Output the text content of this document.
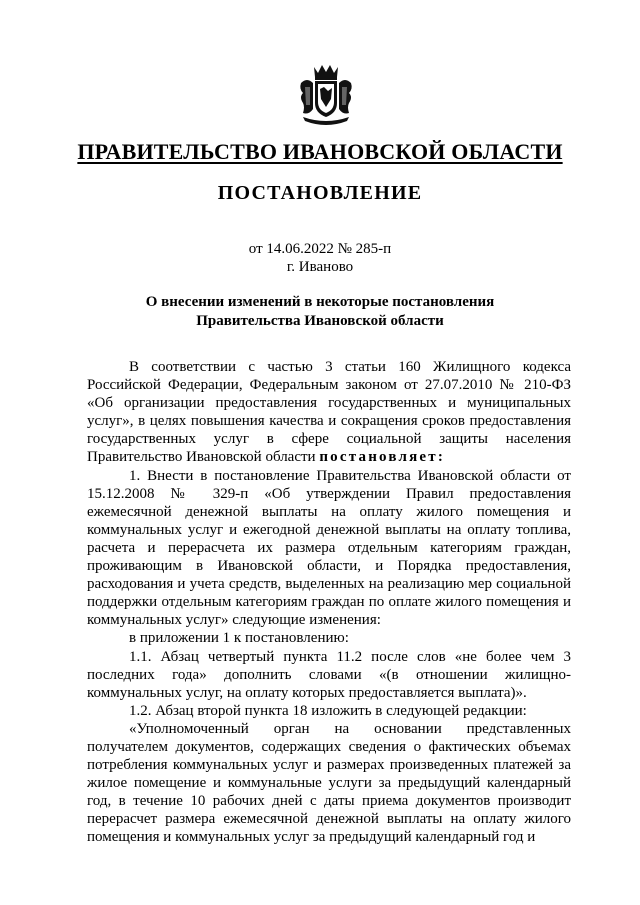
ПРАВИТЕЛЬСТВО ИВАНОВСКОЙ ОБЛАСТИ
ПОСТАНОВЛЕНИЕ
от 14.06.2022 № 285-п
г. Иваново
О внесении изменений в некоторые постановления
Правительства Ивановской области

В соответствии с частью 3 статьи 160 Жилищного кодекса Российской Федерации, Федеральным законом от 27.07.2010 № 210-ФЗ «Об организации предоставления государственных и муниципальных услуг», в целях повышения качества и сокращения сроков предоставления государственных услуг в сфере социальной защиты населения Правительство Ивановской области постановляет:

1. Внести в постановление Правительства Ивановской области от 15.12.2008 № 329-п «Об утверждении Правил предоставления ежемесячной денежной выплаты на оплату жилого помещения и коммунальных услуг и ежегодной денежной выплаты на оплату топлива, расчета и перерасчета их размера отдельным категориям граждан, проживающим в Ивановской области, и Порядка предоставления, расходования и учета средств, выделенных на реализацию мер социальной поддержки отдельным категориям граждан по оплате жилого помещения и коммунальных услуг» следующие изменения:

в приложении 1 к постановлению:

1.1. Абзац четвертый пункта 11.2 после слов «не более чем 3 последних года» дополнить словами «(в отношении жилищно-коммунальных услуг, на оплату которых предоставляется выплата)».

1.2. Абзац второй пункта 18 изложить в следующей редакции:

«Уполномоченный орган на основании представленных получателем документов, содержащих сведения о фактических объемах потребления коммунальных услуг и размерах произведенных платежей за жилое помещение и коммунальные услуги за предыдущий календарный год, в течение 10 рабочих дней с даты приема документов производит перерасчет размера ежемесячной денежной выплаты на оплату жилого помещения и коммунальных услуг за предыдущий календарный год и
